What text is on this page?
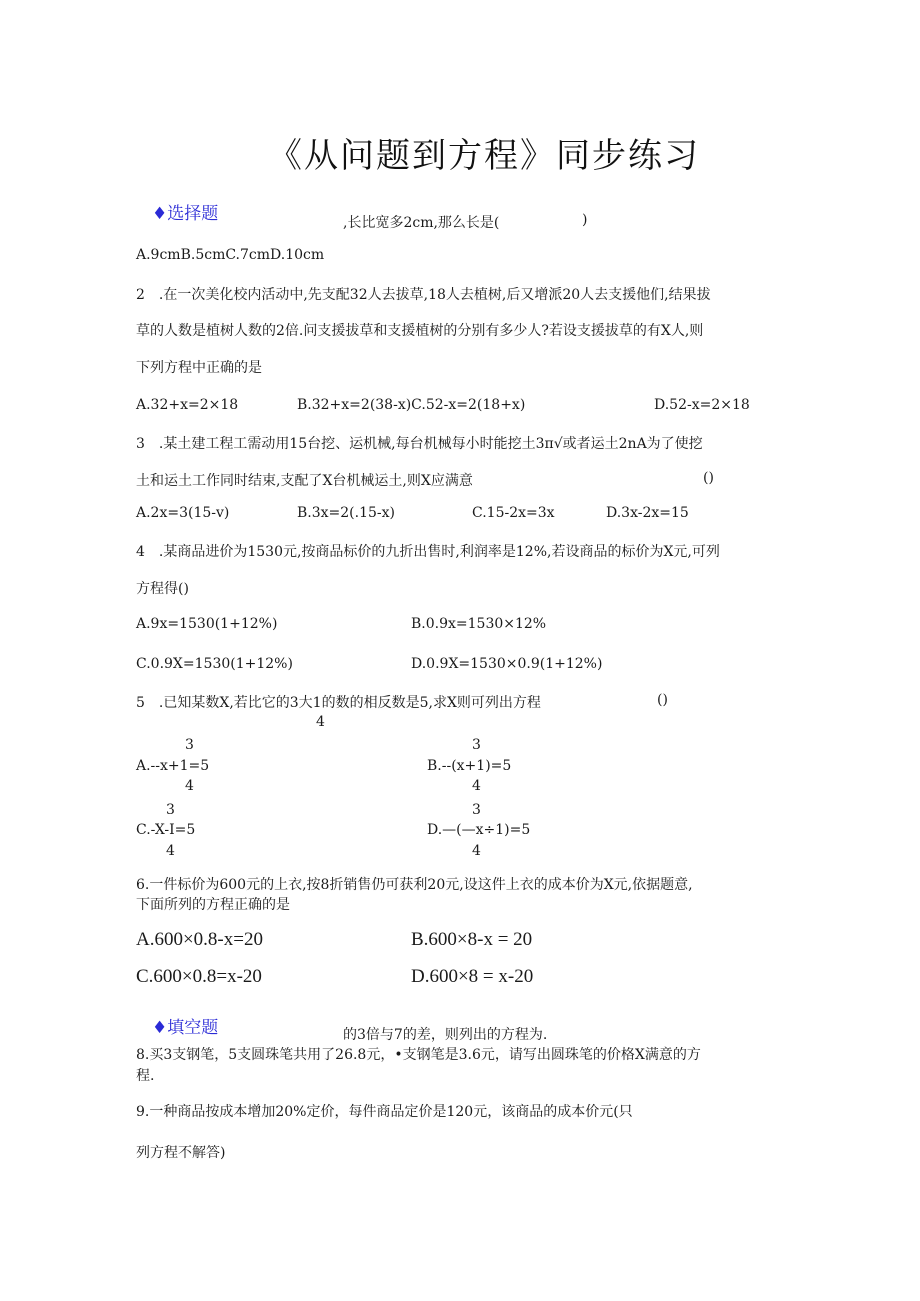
《从问题到方程》同步练习
♦选择题	,长比宽多2cm,那么长是(	)
A.9cmB.5cmC.7cmD.10cm
2　.在一次美化校内活动中,先支配32人去拔草,18人去植树,后又增派20人去支援他们,结果拔
草的人数是植树人数的2倍.问支援拔草和支援植树的分别有多少人?若设支援拔草的有X人,则
下列方程中正确的是
A.32+x=2×18	B.32+x=2(38-x)C.52-x=2(18+x)	D.52-x=2×18
3　.某土建工程工需动用15台挖、运机械,每台机械每小时能挖土3π√或者运土2nA为了使挖
土和运土工作同时结束,支配了X台机械运土,则X应满意	()
A.2x=3(15-v)	B.3x=2(.15-x)	C.15-2x=3x	D.3x-2x=15
4　.某商品进价为1530元,按商品标价的九折出售时,利润率是12%,若设商品的标价为X元,可列
方程得()
A.9x=1530(1+12%)	B.0.9x=1530×12%
C.0.9X=1530(1+12%)	D.0.9X=1530×0.9(1+12%)
5　.已知某数X,若比它的3大1的数的相反数是5,求X则可列出方程	()
4
3
A.--x+1=5
4
3
B.--(x+1)=5
4
3
C.-X-I=5
4
3
D.—(—x÷1)=5
4
6.一件标价为600元的上衣,按8折销售仍可获利20元,设这件上衣的成本价为X元,依据题意,
下面所列的方程正确的是
A.600×0.8-x=20	B.600×8-x = 20
C.600×0.8=x-20	D.600×8 = x-20
♦填空题	的3倍与7的差，则列出的方程为.
8.买3支钢笔，5支圆珠笔共用了26.8元，•支钢笔是3.6元，请写出圆珠笔的价格X满意的方
程.
9.一种商品按成本增加20%定价，每件商品定价是120元，该商品的成本价元(只
列方程不解答)
